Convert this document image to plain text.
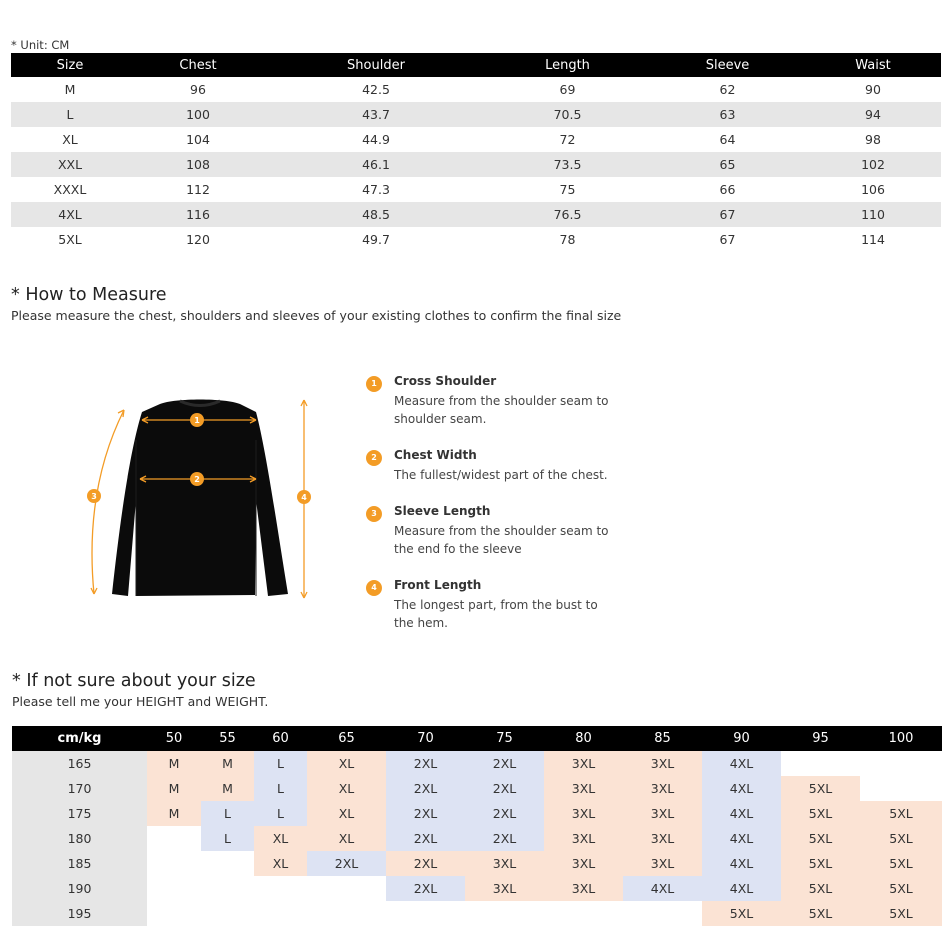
* Unit: CM
Size	Chest	Shoulder	Length	Sleeve	Waist
M	96	42.5	69	62	90
L	100	43.7	70.5	63	94
XL	104	44.9	72	64	98
XXL	108	46.1	73.5	65	102
XXXL	112	47.3	75	66	106
4XL	116	48.5	76.5	67	110
5XL	120	49.7	78	67	114
* How to Measure
Please measure the chest, shoulders and sleeves of your existing clothes to confirm the final size
1
2
3	4
1	Cross Shoulder
Measure from the shoulder seam to shoulder seam.
2	Chest Width
The fullest/widest part of the chest.
3	Sleeve Length
Measure from the shoulder seam to the end fo the sleeve
4	Front Length
The longest part, from the bust to the hem.
* If not sure about your size
Please tell me your HEIGHT and WEIGHT.
cm/kg	50	55	60	65	70	75	80	85	90	95	100
165	M	M	L	XL	2XL	2XL	3XL	3XL	4XL		
170	M	M	L	XL	2XL	2XL	3XL	3XL	4XL	5XL	
175	M	L	L	XL	2XL	2XL	3XL	3XL	4XL	5XL	5XL
180		L	XL	XL	2XL	2XL	3XL	3XL	4XL	5XL	5XL
185			XL	2XL	2XL	3XL	3XL	3XL	4XL	5XL	5XL
190					2XL	3XL	3XL	4XL	4XL	5XL	5XL
195									5XL	5XL	5XL
